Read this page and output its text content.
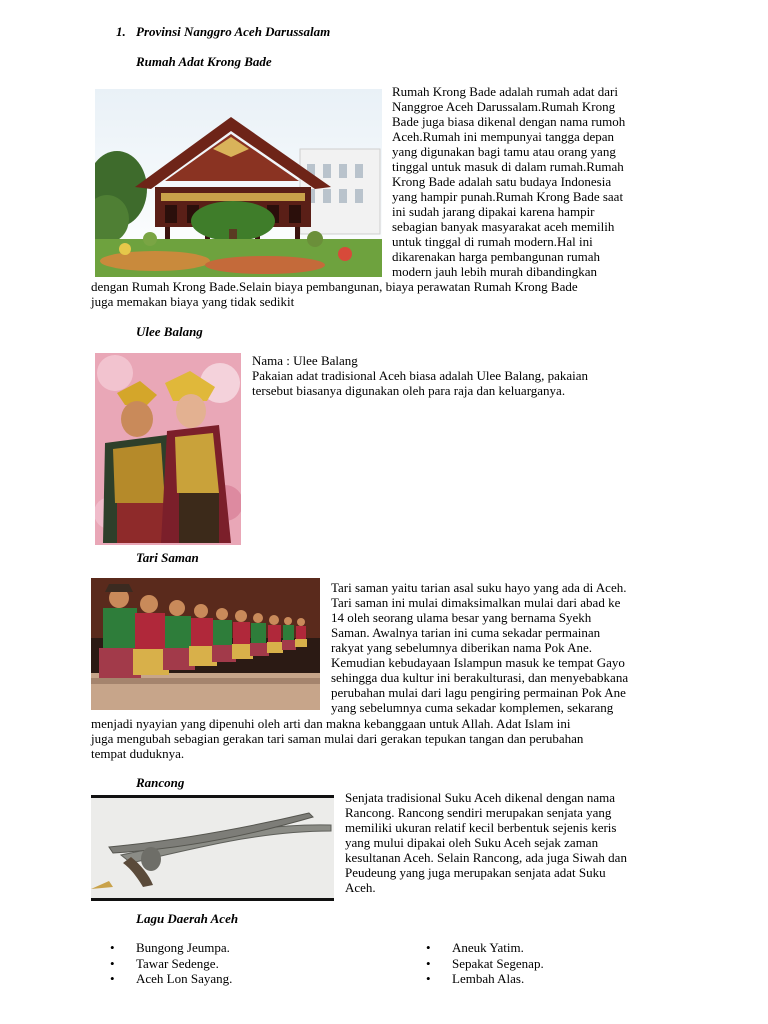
1. Provinsi Nanggro Aceh Darussalam
Rumah Adat Krong Bade

Rumah Krong Bade adalah rumah adat dari

Nanggroe Aceh Darussalam.Rumah Krong

Bade juga biasa dikenal dengan nama rumoh

Aceh.Rumah ini mempunyai tangga depan

yang digunakan bagi tamu atau orang yang

tinggal untuk masuk di dalam rumah.Rumah

Krong Bade adalah satu budaya Indonesia

yang hampir punah.Rumah Krong Bade saat

ini sudah jarang dipakai karena hampir

sebagian banyak masyarakat aceh memilih

untuk tinggal di rumah modern.Hal ini

dikarenakan harga pembangunan rumah

modern jauh lebih murah dibandingkan

dengan Rumah Krong Bade.Selain biaya pembangunan, biaya perawatan Rumah Krong Bade

juga memakan biaya yang tidak sedikit

Ulee Balang

Nama : Ulee Balang

Pakaian adat tradisional Aceh biasa adalah Ulee Balang, pakaian

tersebut biasanya digunakan oleh para raja dan keluarganya.

Tari Saman

Tari saman yaitu tarian asal suku hayo yang ada di Aceh.

Tari saman ini mulai dimaksimalkan mulai dari abad ke

14 oleh seorang ulama besar yang bernama Syekh

Saman. Awalnya tarian ini cuma sekadar permainan

rakyat yang sebelumnya diberikan nama Pok Ane.

Kemudian kebudayaan Islampun masuk ke tempat Gayo

sehingga dua kultur ini berakulturasi, dan menyebabkana

perubahan mulai dari lagu pengiring permainan Pok Ane

yang sebelumnya cuma sekadar komplemen, sekarang

menjadi nyayian yang dipenuhi oleh arti dan makna kebanggaan untuk Allah. Adat Islam ini

juga mengubah sebagian gerakan tari saman mulai dari gerakan tepukan tangan dan perubahan

tempat duduknya.

Rancong

Senjata tradisional Suku Aceh dikenal dengan nama

Rancong. Rancong sendiri merupakan senjata yang

memiliki ukuran relatif kecil berbentuk sejenis keris

yang mului dipakai oleh Suku Aceh sejak zaman

kesultanan Aceh. Selain Rancong, ada juga Siwah dan

Peudeung yang juga merupakan senjata adat Suku

Aceh.

Lagu Daerah Aceh
• Bungong Jeumpa.
• Tawar Sedenge.
• Aceh Lon Sayang.
• Aneuk Yatim.
• Sepakat Segenap.
• Lembah Alas.
